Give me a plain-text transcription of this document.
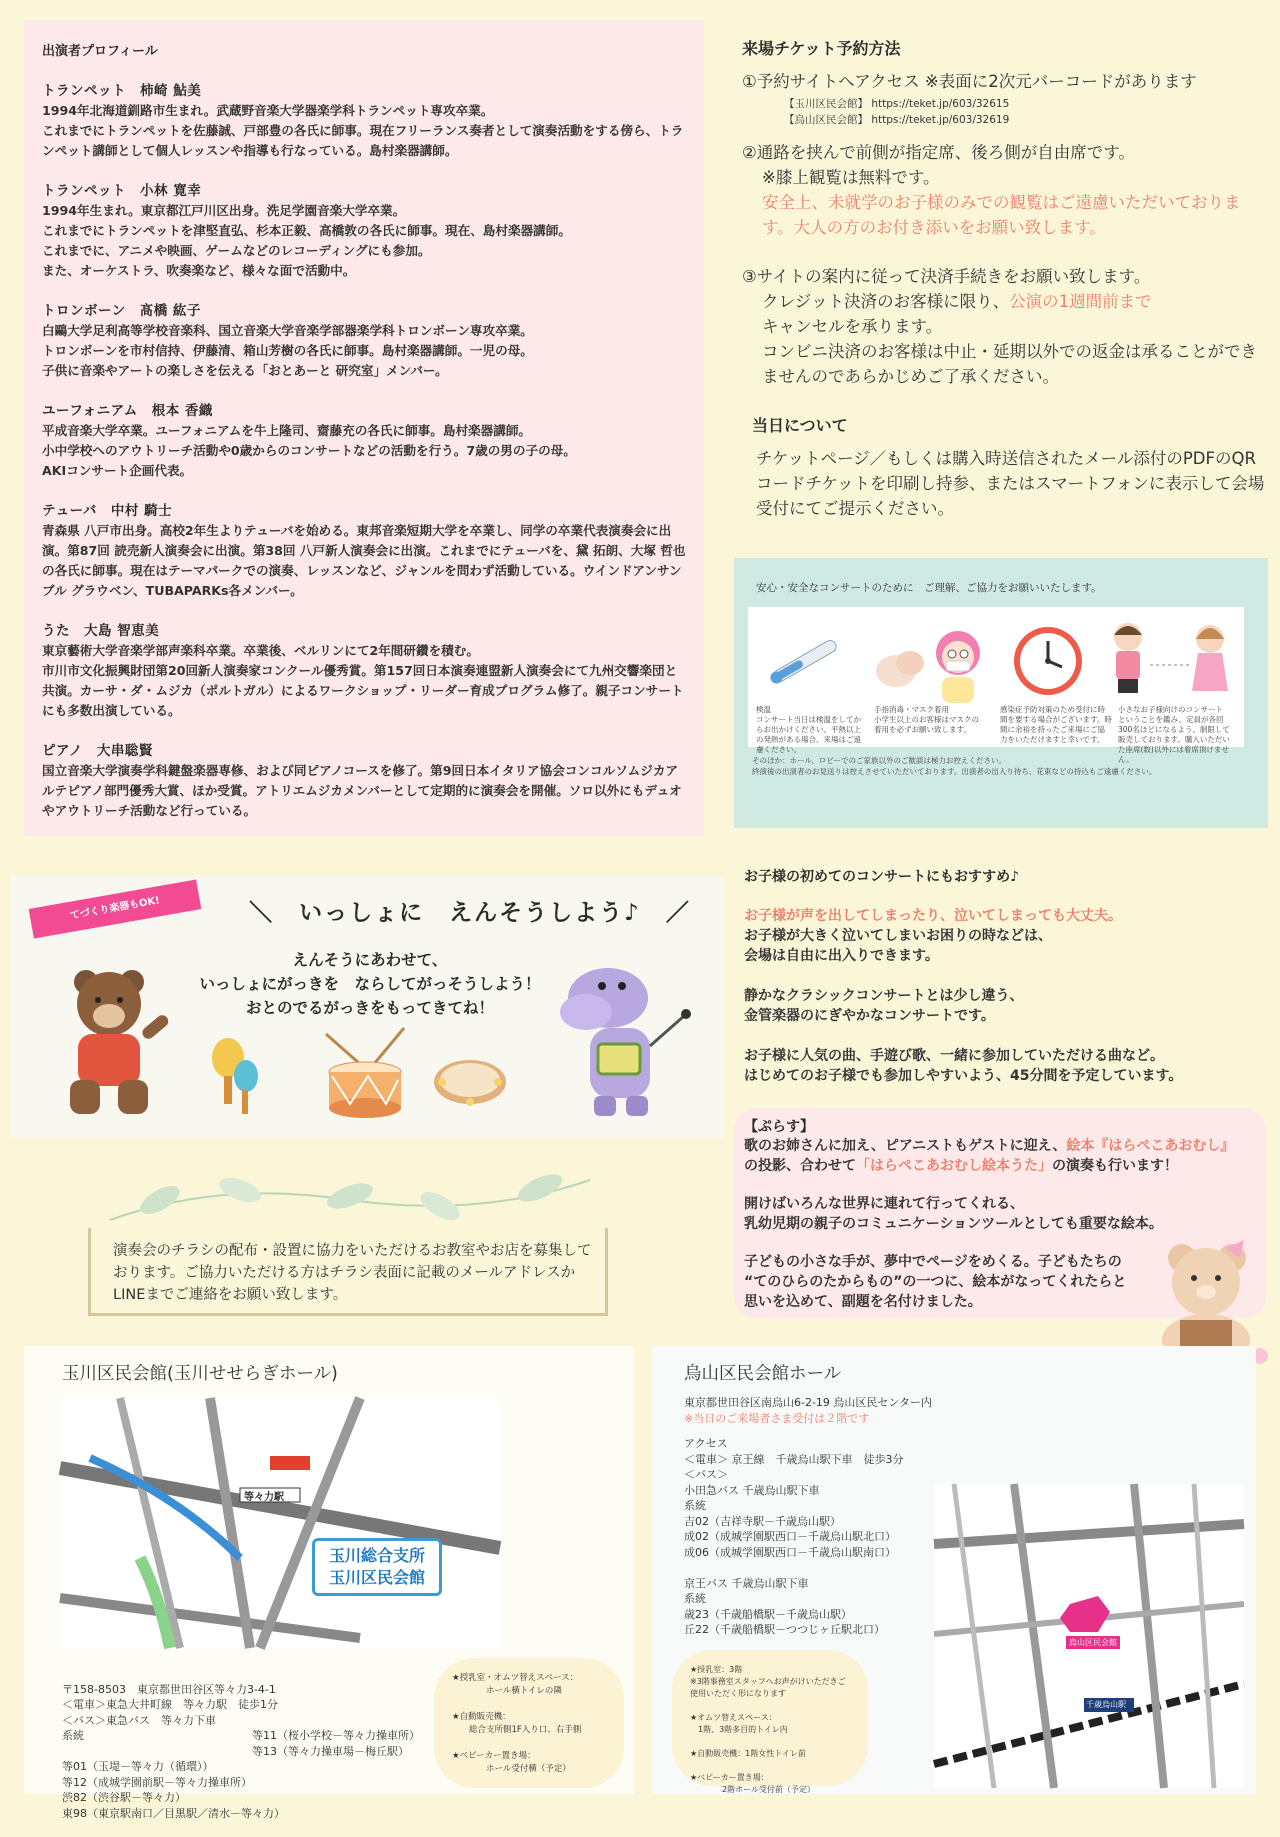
出演者プロフィール
トランペット　柿崎 鮎美
1994年北海道釧路市生まれ。武蔵野音楽大学器楽学科トランペット専攻卒業。
これまでにトランペットを佐藤誠、戸部豊の各氏に師事。現在フリーランス奏者として演奏活動をする傍ら、トランペット講師として個人レッスンや指導も行なっている。島村楽器講師。
トランペット　小林 寛幸
1994年生まれ。東京都江戸川区出身。洗足学園音楽大学卒業。
これまでにトランペットを津堅直弘、杉本正毅、高橋敦の各氏に師事。現在、島村楽器講師。
これまでに、アニメや映画、ゲームなどのレコーディングにも参加。
また、オーケストラ、吹奏楽など、様々な面で活動中。
トロンボーン　髙橋 紘子
白鷗大学足利高等学校音楽科、国立音楽大学音楽学部器楽学科トロンボーン専攻卒業。
トロンボーンを市村信持、伊藤清、箱山芳樹の各氏に師事。島村楽器講師。一児の母。
子供に音楽やアートの楽しさを伝える「おとあーと 研究室」メンバー。
ユーフォニアム　根本 香織
平成音楽大学卒業。ユーフォニアムを牛上隆司、齋藤充の各氏に師事。島村楽器講師。
小中学校へのアウトリーチ活動や0歳からのコンサートなどの活動を行う。7歳の男の子の母。
AKIコンサート企画代表。
テューバ　中村 騎士
青森県 八戸市出身。高校2年生よりテューバを始める。東邦音楽短期大学を卒業し、同学の卒業代表演奏会に出演。第87回 読売新人演奏会に出演。第38回 八戸新人演奏会に出演。これまでにテューバを、黛 拓朗、大塚 哲也の各氏に師事。現在はテーマパークでの演奏、レッスンなど、ジャンルを問わず活動している。ウインドアンサンブル グラウベン、TUBAPARKs各メンバー。
うた　大島 智恵美
東京藝術大学音楽学部声楽科卒業。卒業後、ベルリンにて2年間研鑽を積む。
市川市文化振興財団第20回新人演奏家コンクール優秀賞。第157回日本演奏連盟新人演奏会にて九州交響楽団と共演。カーサ・ダ・ムジカ（ポルトガル）によるワークショップ・リーダー育成プログラム修了。親子コンサートにも多数出演している。
ピアノ　大串聡賢
国立音楽大学演奏学科鍵盤楽器専修、および同ピアノコースを修了。第9回日本イタリア協会コンコルソムジカアルテピアノ部門優秀大賞、ほか受賞。アトリエムジカメンバーとして定期的に演奏会を開催。ソロ以外にもデュオやアウトリーチ活動など行っている。
来場チケット予約方法
①予約サイトへアクセス ※表面に2次元バーコードがあります
【玉川区民会館】 https://teket.jp/603/32615
【烏山区民会館】 https://teket.jp/603/32619
②通路を挟んで前側が指定席、後ろ側が自由席です。
※膝上観覧は無料です。
安全上、未就学のお子様のみでの観覧はご遠慮いただいております。大人の方のお付き添いをお願い致します。
③サイトの案内に従って決済手続きをお願い致します。
クレジット決済のお客様に限り、公演の1週間前まで
キャンセルを承ります。
コンビニ決済のお客様は中止・延期以外での返金は承ることができませんのであらかじめご了承ください。
当日について
チケットページ／もしくは購入時送信されたメール添付のPDFのQRコードチケットを印刷し持参、またはスマートフォンに表示して会場受付にてご提示ください。
安心・安全なコンサートのために　ご理解、ご協力をお願いいたします。
検温
コンサート当日は検温をしてからお出かけください。平熱以上の発熱がある場合、来場はご遠慮ください。
手指消毒・マスク着用
小学生以上のお客様はマスクの着用を必ずお願い致します。
感染症予防対策のため受付に時間を要する場合がございます。時間に余裕を持ったご来場にご協力をいただけますと幸いです。
小さなお子様向けのコンサートということを鑑み、定員が各回300名ほどになるよう、制限して販売しております。購入いただいた座席(数)以外には着席頂けません。
そのほか：ホール、ロビーでのご家族以外のご歓談は極力お控えください。
終演後の出演者のお見送りは控えさせていただいております。出演者の出入り待ち、花束などの持込もご遠慮ください。
てづくり楽器もOK!	＼　いっしょに　えんそうしよう♪　／
えんそうにあわせて、
いっしょにがっきを　ならしてがっそうしよう！
おとのでるがっきをもってきてね！

演奏会のチラシの配布・設置に協力をいただけるお教室やお店を募集しております。ご協力いただける方はチラシ表面に記載のメールアドレスかLINEまでご連絡をお願い致します。

お子様の初めてのコンサートにもおすすめ♪
お子様が声を出してしまったり、泣いてしまっても大丈夫。
お子様が大きく泣いてしまいお困りの時などは、
会場は自由に出入りできます。
静かなクラシックコンサートとは少し違う、
金管楽器のにぎやかなコンサートです。
お子様に人気の曲、手遊び歌、一緒に参加していただける曲など。
はじめてのお子様でも参加しやすいよう、45分間を予定しています。
【ぷらす】
歌のお姉さんに加え、ピアニストもゲストに迎え、絵本『はらぺこあおむし』
の投影、合わせて「はらぺこあおむし絵本うた」の演奏も行います！
開けばいろんな世界に連れて行ってくれる、
乳幼児期の親子のコミュニケーションツールとしても重要な絵本。
子どもの小さな手が、夢中でページをめくる。子どもたちの
“てのひらのたからもの”の一つに、絵本がなってくれたらと
思いを込めて、副題を名付けました。
玉川区民会館(玉川せせらぎホール)
等々力駅
玉川総合支所
玉川区民会館

〒158-8503　東京都世田谷区等々力3-4-1
＜電車＞東急大井町線　等々力駅　徒歩1分
＜バス＞東急バス　等々力下車
系統

等01（玉堤－等々力（循環））
等12（成城学園前駅－等々力操車所）
渋82（渋谷駅－等々力）
東98（東京駅南口／目黒駅／清水－等々力）

等11（桜小学校－等々力操車所）
等13（等々力操車場－梅丘駅）
★授乳室・オムツ替えスペース：
　　　　ホール横トイレの隣

★自動販売機：
　　総合支所側1F入り口、右手側

★ベビーカー置き場：
　　　　ホール受付横（予定）
烏山区民会館ホール
東京都世田谷区南烏山6-2-19 烏山区民センター内
※当日のご来場者さま受付は２階です
アクセス
＜電車＞ 京王線　千歳烏山駅下車　徒歩3分
＜バス＞
小田急バス 千歳烏山駅下車
系統
吉02（吉祥寺駅－千歳烏山駅）
成02（成城学園駅西口－千歳烏山駅北口）
成06（成城学園駅西口－千歳烏山駅南口）

京王バス 千歳烏山駅下車
系統
歳23（千歳船橋駅－千歳烏山駅）
丘22（千歳船橋駅－つつじヶ丘駅北口）
★授乳室：3階
※3階事務室スタッフへお声がけいただきご使用いただく形になります

★オムツ替えスペース：
　1階、3階多目的トイレ内

★自動販売機：1階女性トイレ前

★ベビーカー置き場：
　　　　2階ホール受付前（予定）
烏山区民会館
千歳烏山駅
